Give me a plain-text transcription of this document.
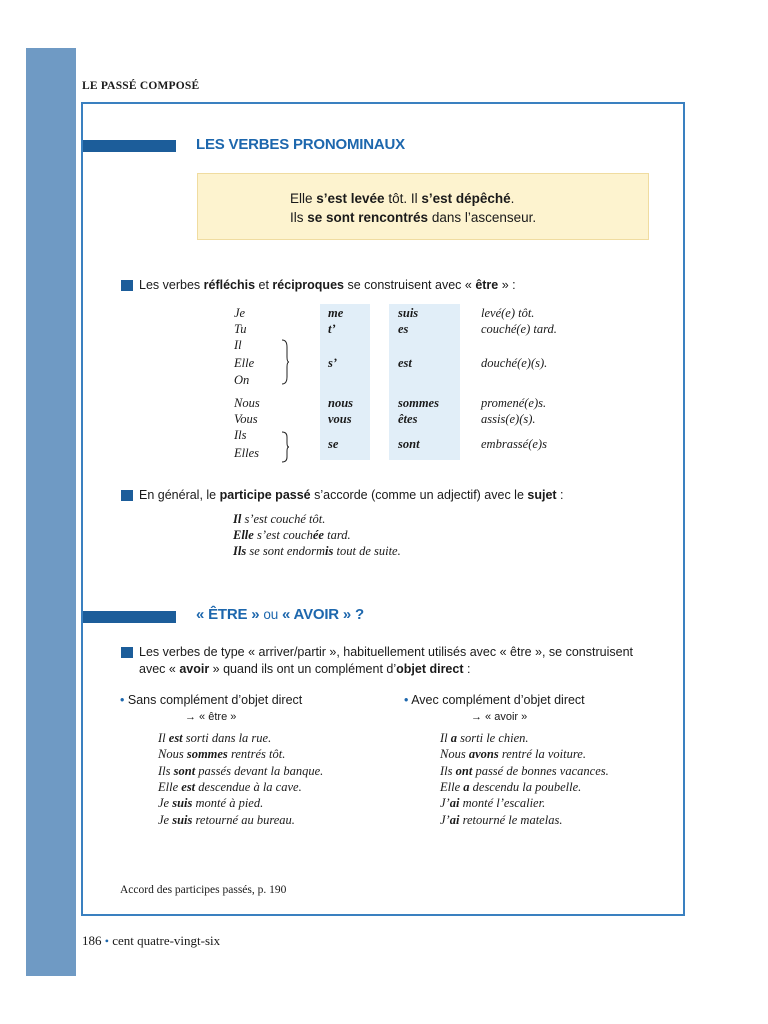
LE PASSÉ COMPOSÉ
LES VERBES PRONOMINAUX
Elle s’est levée tôt. Il s’est dépêché.
Ils se sont rencontrés dans l’ascenseur.
Les verbes réfléchis et réciproques se construisent avec « être » :
Je
Tu
Il
Elle
On
Nous
Vous
Ils
Elles
me
t’
s’
nous
vous
se
suis
es
est
sommes
êtes
sont
levé(e) tôt.
couché(e) tard.
douché(e)(s).
promené(e)s.
assis(e)(s).
embrassé(e)s
En général, le participe passé s’accorde (comme un adjectif) avec le sujet :
Il s’est couché tôt.
Elle s’est couchée tard.
Ils se sont endormis tout de suite.
« ÊTRE » ou « AVOIR » ?
Les verbes de type « arriver/partir », habituellement utilisés avec « être », se construisent
avec « avoir » quand ils ont un complément d’objet direct :
• Sans complément d’objet direct
→ « être »
• Avec complément d’objet direct
→ « avoir »
Il est sorti dans la rue.
Nous sommes rentrés tôt.
Ils sont passés devant la banque.
Elle est descendue à la cave.
Je suis monté à pied.
Je suis retourné au bureau.
Il a sorti le chien.
Nous avons rentré la voiture.
Ils ont passé de bonnes vacances.
Elle a descendu la poubelle.
J’ai monté l’escalier.
J’ai retourné le matelas.
Accord des participes passés, p. 190
186 • cent quatre-vingt-six
